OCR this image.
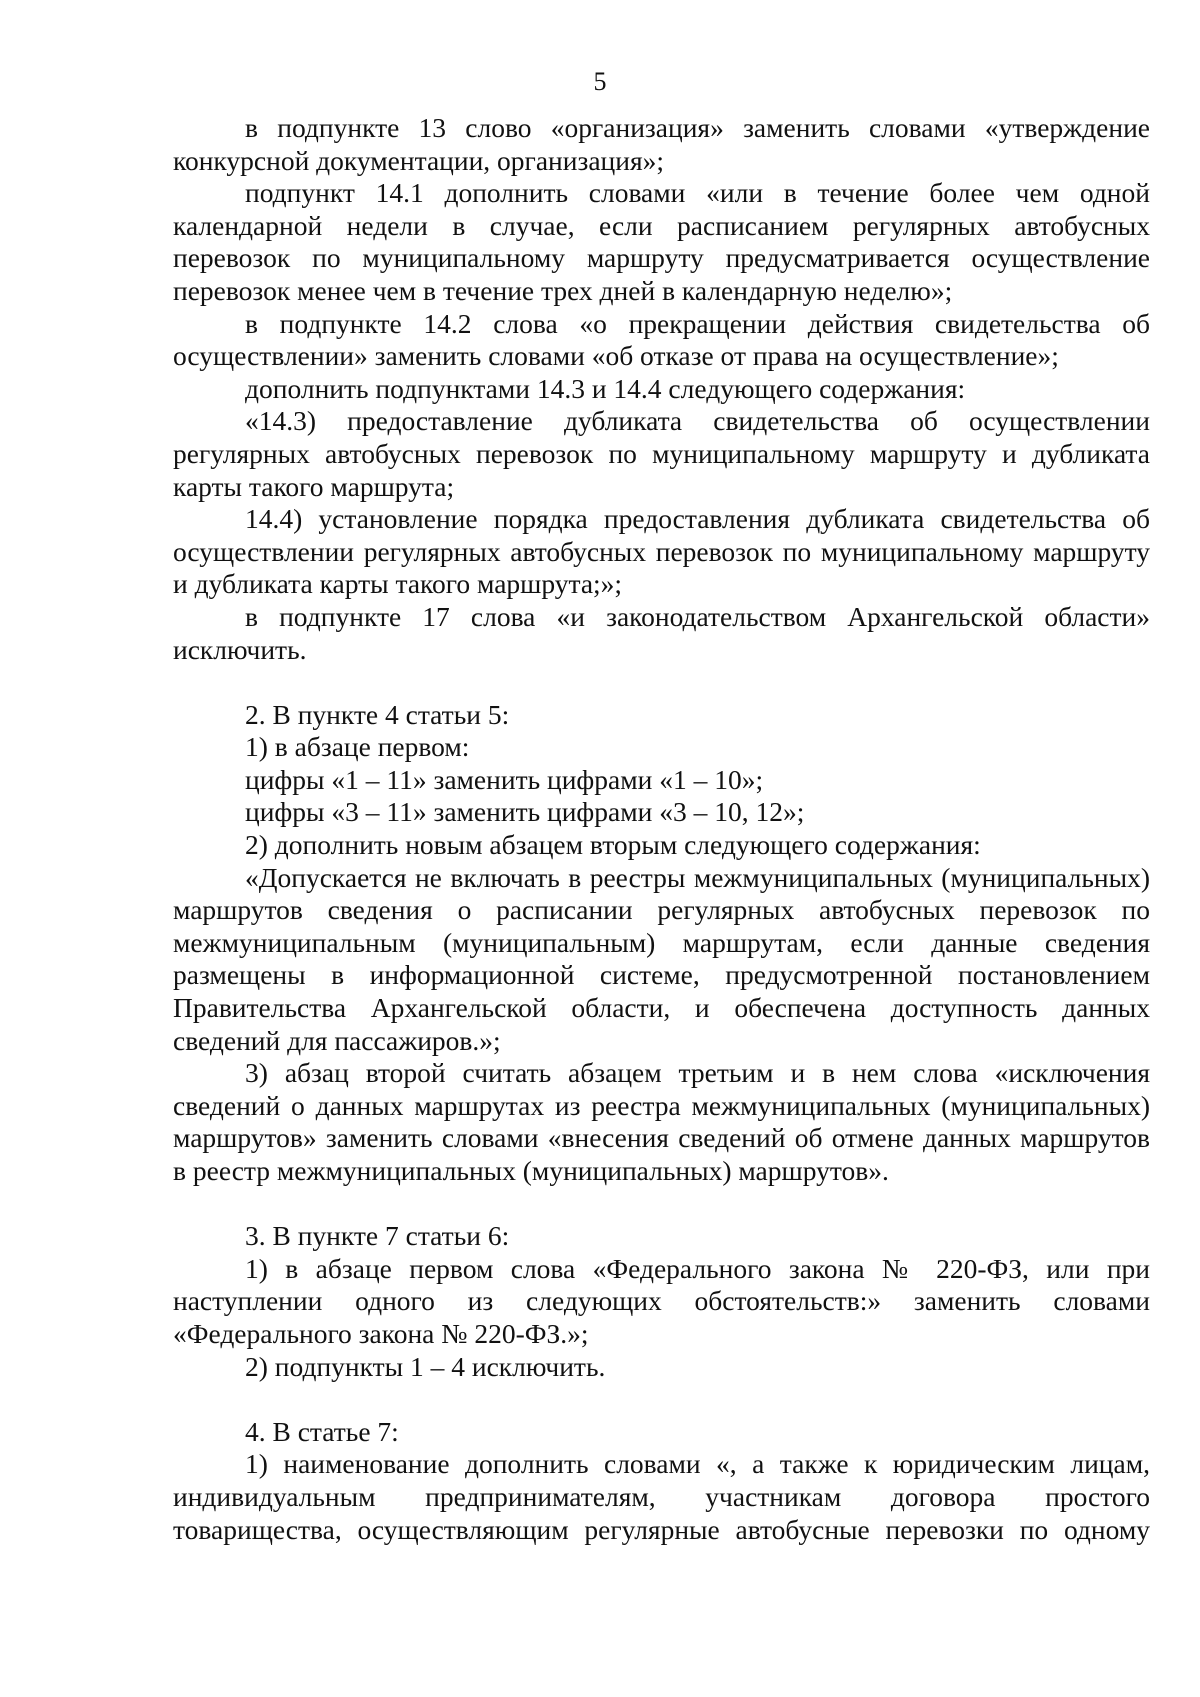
5

в подпункте 13 слово «организация» заменить словами «утверждение конкурсной документации, организация»;

подпункт 14.1 дополнить словами «или в течение более чем одной календарной недели в случае, если расписанием регулярных автобусных перевозок по муниципальному маршруту предусматривается осуществление перевозок менее чем в течение трех дней в календарную неделю»;

в подпункте 14.2 слова «о прекращении действия свидетельства об осуществлении» заменить словами «об отказе от права на осуществление»;

дополнить подпунктами 14.3 и 14.4 следующего содержания:

«14.3) предоставление дубликата свидетельства об осуществлении регулярных автобусных перевозок по муниципальному маршруту и дубликата карты такого маршрута;

14.4) установление порядка предоставления дубликата свидетельства об осуществлении регулярных автобусных перевозок по муниципальному маршруту и дубликата карты такого маршрута;»;

в подпункте 17 слова «и законодательством Архангельской области» исключить.

2. В пункте 4 статьи 5:

1) в абзаце первом:

цифры «1 – 11» заменить цифрами «1 – 10»;

цифры «3 – 11» заменить цифрами «3 – 10, 12»;

2) дополнить новым абзацем вторым следующего содержания:

«Допускается не включать в реестры межмуниципальных (муниципальных) маршрутов сведения о расписании регулярных автобусных перевозок по межмуниципальным (муниципальным) маршрутам, если данные сведения размещены в информационной системе, предусмотренной постановлением Правительства Архангельской области, и обеспечена доступность данных сведений для пассажиров.»;

3) абзац второй считать абзацем третьим и в нем слова «исключения сведений о данных маршрутах из реестра межмуниципальных (муниципальных) маршрутов» заменить словами «внесения сведений об отмене данных маршрутов в реестр межмуниципальных (муниципальных) маршрутов».

3. В пункте 7 статьи 6:

1) в абзаце первом слова «Федерального закона № 220-ФЗ, или при наступлении одного из следующих обстоятельств:» заменить словами «Федерального закона № 220-ФЗ.»;

2) подпункты 1 – 4 исключить.

4. В статье 7:

1) наименование дополнить словами «, а также к юридическим лицам, индивидуальным предпринимателям, участникам договора простого товарищества, осуществляющим регулярные автобусные перевозки по одному
